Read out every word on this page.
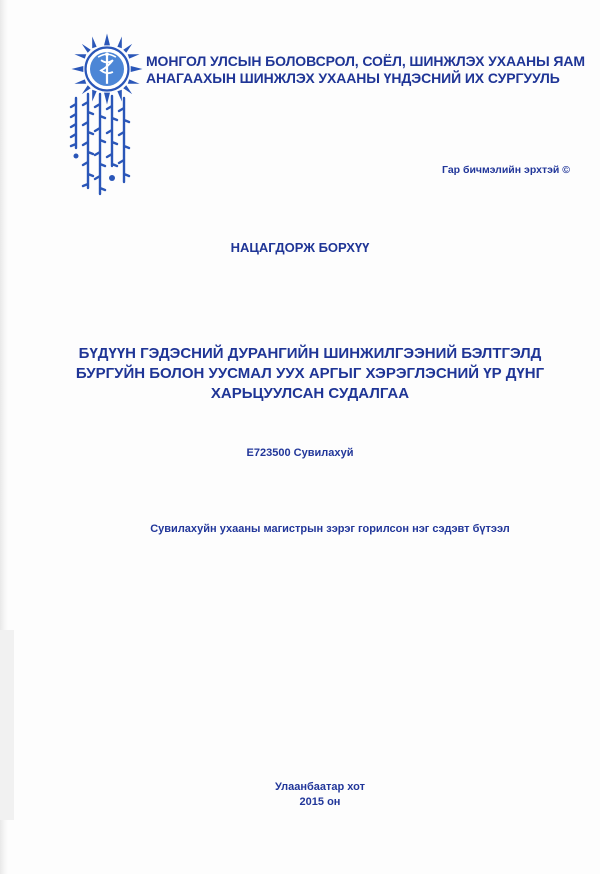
МОНГОЛ УЛСЫН БОЛОВСРОЛ, СОЁЛ, ШИНЖЛЭХ УХААНЫ ЯАМ
АНАГААХЫН ШИНЖЛЭХ УХААНЫ ҮНДЭСНИЙ ИХ СУРГУУЛЬ
Гар бичмэлийн эрхтэй ©
НАЦАГДОРЖ БОРХҮҮ
БҮДҮҮН ГЭДЭСНИЙ ДУРАНГИЙН ШИНЖИЛГЭЭНИЙ БЭЛТГЭЛД
БУРГУЙН БОЛОН УУСМАЛ УУХ АРГЫГ ХЭРЭГЛЭСНИЙ ҮР ДҮНГ
ХАРЬЦУУЛСАН СУДАЛГАА
E723500 Сувилахуй
Сувилахуйн ухааны магистрын зэрэг горилсон нэг сэдэвт бүтээл
Улаанбаатар хот
2015 он
